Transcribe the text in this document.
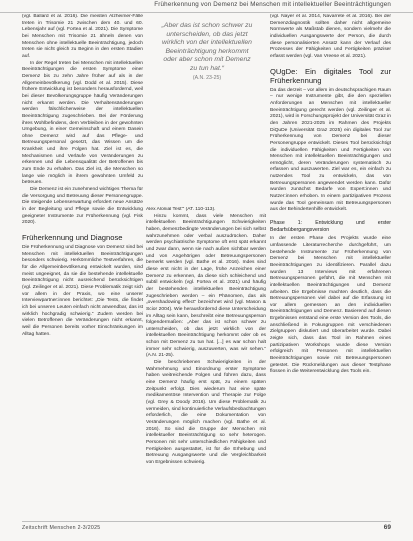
Früherkennung von Demenz bei Menschen mit intellektueller Beeinträchtigungen

(vgl. Ballard et al. 2016). Die meisten Alzheimer-Fälle treten in Trisomie 21 zwischen dem 40. und 60. Lebensjahr auf (vgl. Fortea et al. 2021). Die Symptome bei Menschen mit Trisomie 21 ähneln denen von Menschen ohne intellektuelle Beeinträchtigung, jedoch treten sie nicht gleich zu Beginn in den ersten Stadien auf.

In der Regel treten bei Menschen mit intellektuellen Beeinträchtigungen die ersten Symptome einer Demenz bis zu zehn Jahre früher auf als in der Allgemeinbevölkerung (vgl. Dodd et al. 2015). Diese frühere Entwicklung ist besonders herausfordernd, weil bei dieser Bevölkerungsgruppe häufig Veränderungen nicht erkannt werden. Die Verhaltensänderungen werden fälschlicherweise der intellektuellen Beeinträchtigung zugeschrieben. Bei der Förderung ihres Wohlbefindens, dem Verbleiben in der gewohnten Umgebung, in einer Gemeinschaft und einem Dasein ohne Demenz wird auf das Pflege- und Betreuungspersonal gesetzt, das Wissen um die Krankheit und ihre Folgen hat. Ziel ist es, die Mechanismen und Verläufe von Veränderungen zu erkennen und die Lebensqualität der Betroffenen bis zum Ende zu erhalten. Das Ziel ist, die Menschen so lange wie möglich in ihrem gewohnten Umfeld zu betreuen.

Die Demenz ist ein zunehmend wichtiges Thema für die Versorgung und Betreuung dieser Personengruppe. Die steigende Lebenserwartung erfordert neue Ansätze in der Begleitung und Pflege sowie die Entwicklung geeigneter Instrumente zur Früherkennung (vgl. Fisk 2020).

Früherkennung und Diagnose

Die Früherkennung und Diagnose von Demenz sind bei Menschen mit intellektuellen Beeinträchtigungen besonders schwierig. Herkömmliche Testverfahren, die für die Allgemeinbevölkerung entwickelt wurden, sind meist ungeeignet, da sie die bestehende intellektuelle Beeinträchtigung nicht ausreichend berücksichtigen (vgl. Zeilinger et al. 2021). Diese Problematik zeigt sich vor allem in der Praxis, wo eine unserer Interviewpartner:innen berichtet: „Die Tests, die findet ich bei unseren Leuten einfach nicht anwendbar, das ist wirklich hochgradig schwierig.“ Zudem werden bei vielen Betroffenen die Veränderungen nicht erkannt, weil die Personen bereits vorher Einschränkungen im Alltag hatten.

„Aber das ist schon schwer zu unterscheiden, ob das jetzt wirklich von der intellektuellen Beeinträchtigung herkommt oder aber schon mit Demenz zu tun hat.“
(A.N. 23-25)

Alex Alonial Test’“ (AT. 110-113).

Hinzu kommt, dass viele Menschen mit intellektuellen Beeinträchtigungen Schwierigkeiten haben, demenzbedingte Veränderungen bei sich selbst wahrzunehmen oder verbal auszudrücken. Daher werden psychiatrische Symptome oft erst spät erkannt und zwar dann, wenn sie nach außen sichtbar werden und von Angehörigen oder Betreuungspersonen bemerkt werden (vgl. Bathe et al. 2016). Indes sind diese erst nicht in der Lage, frühe Anzeichen einer Demenz zu erkennen, da diese sich schleichend und subtil entwickeln (vgl. Fortea et al. 2021) und häufig der bestehenden intellektuellen Beeinträchtigung zugeschrieben werden – ein Phänomen, das als „overshadowing effect“ bezeichnet wird (vgl. Mason & Scior 2004). Wie herausfordernd diese Unterscheidung im Alltag sein kann, beschreibt eine Betreuungsperson folgendermaßen: „Aber das ist schon schwer zu unterscheiden, ob das jetzt wirklich von der intellektuellen Beeinträchtigung herkommt oder ob es schon mit Demenz zu tun hat. [...] es war schon halt immer sehr schwierig, auszuwerten, was wir sehen.“ (A.N. 21-25).

Die beschriebenen Schwierigkeiten in der Wahrnehmung und Einordnung erster Symptome haben weitreichende Folgen und führen dazu, dass eine Demenz häufig erst spät, zu einem späten Zeitpunkt erfolgt. Dies wiederum hat eine späte medikamentöse Intervention und Therapie zur Folge (vgl. Grey & Doody 2016). Um diese Problematik zu vermeiden, sind kontinuierliche Verlaufsbeobachtungen erforderlich, die eine Dokumentation von Veränderungen möglich machen (vgl. Bathe et al. 2016). So sind die Gruppe der Menschen mit intellektueller Beeinträchtigung so sehr heterogen. Personen mit sehr unterschiedlichen Fähigkeiten und Fertigkeiten ausgestattet, ist für die Erhebung und Betreuung Ausgangswerte und die Vergleichbarkeit von Ergebnissen schwierig.

(vgl. Nayer et al. 2014, Navarrete et al. 2016). Bei der Demenzdiagnostik sollten daher nicht allgemeine Normwerte als Maßstab dienen, sondern vielmehr die individuellen Ausgangswerte der Person, die durch diese personalisierten Ansatz kann der Verlauf des Prozesses der Fähigkeiten und Fertigkeiten präziser erfasst werden (vgl. Van Vreese et al. 2021).

QUgDe: Ein digitales Tool zur Früherkennung

Da das derzeit – vor allem im deutschsprachigen Raum – nur wenige Instrumente gibt, die den speziellen Anforderungen an Menschen mit intellektueller Beeinträchtigung gerecht werden (vgl. Zeilinger et al. 2021), wird in Forschungsprojekt der Universität Graz in den Jahren 2021-2025 im Rahmen des Projekts DiQuDe (Universität Graz 2025) ein digitales Tool zur Früherkennung von Demenz bei dieser Personengruppe entwickelt. Dieses Tool berücksichtigt die individuellen Fähigkeiten und Fertigkeiten von Menschen mit intellektuellen Beeinträchtigungen und ermöglicht, deren Veränderungen systematisch zu erfassen und auszuwerten. Ziel war es, ein einfach zu nutzendes Tool zu entwickeln, das von Betreuungspersonen angewendet werden kann. Dafür wurden zunächst Bedarfe von Expert:innen und Nutzer:innen erhoben. In einem partizipativen Prozess wurde das Tool gemeinsam mit Betreuungspersonen aus der Behindertenhilfe entwickelt.

Phase 1: Entwicklung und erster Bedarfsübergangsversion

In der ersten Phase des Projekts wurde eine umfassende Literaturrecherche durchgeführt, um bestehende Instrumente zur Früherkennung von Demenz bei Menschen mit intellektueller Beeinträchtigungen zu identifizieren. Parallel dazu wurden 13 Interviews mit erfahrenen Betreuungspersonen geführt, die mit Menschen mit intellektuellen Beeinträchtigungen und Demenz arbeiten. Die Ergebnisse machten deutlich, dass die Betreuungspersonen viel dabei auf die Erfassung ist vor allem gemessen an den individuellen Beeinträchtigungen und Demenz. Basierend auf diesen Ergebnissen entstand eine erste Version des Tools, die anschließend in Fokusgruppen mit verschiedenen Zielgruppen diskutiert und überarbeitet wurde. Dabei zeigte sich, dass das Tool im Rahmen eines partizipativen Workshops wurde diese Version erfolgreich mit Personen mit intellektuellen Beeinträchtigungen sowie mit Betreuungspersonen getestet. Die Rückmeldungen aus dieser Testphase flossen in die Weiterentwicklung des Tools ein.

Zeitschrift Menschen 2-3/2025	69
